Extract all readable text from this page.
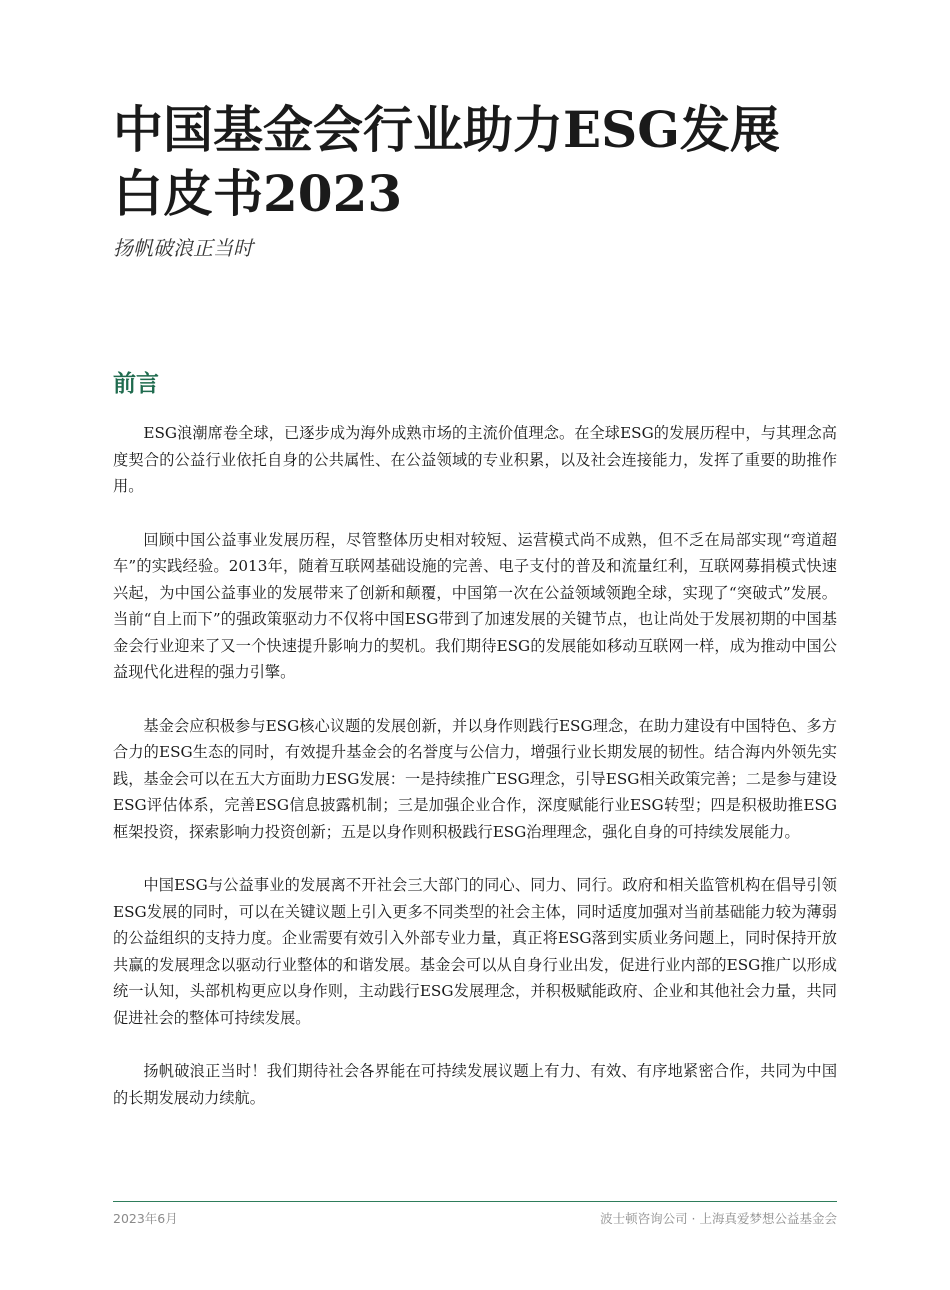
中国基金会行业助力ESG发展
白皮书2023
扬帆破浪正当时
前言

ESG浪潮席卷全球，已逐步成为海外成熟市场的主流价值理念。在全球ESG的发展历程中，与其理念高度契合的公益行业依托自身的公共属性、在公益领域的专业积累，以及社会连接能力，发挥了重要的助推作用。

回顾中国公益事业发展历程，尽管整体历史相对较短、运营模式尚不成熟，但不乏在局部实现“弯道超车”的实践经验。2013年，随着互联网基础设施的完善、电子支付的普及和流量红利，互联网募捐模式快速兴起，为中国公益事业的发展带来了创新和颠覆，中国第一次在公益领域领跑全球，实现了“突破式”发展。当前“自上而下”的强政策驱动力不仅将中国ESG带到了加速发展的关键节点，也让尚处于发展初期的中国基金会行业迎来了又一个快速提升影响力的契机。我们期待ESG的发展能如移动互联网一样，成为推动中国公益现代化进程的强力引擎。

基金会应积极参与ESG核心议题的发展创新，并以身作则践行ESG理念，在助力建设有中国特色、多方合力的ESG生态的同时，有效提升基金会的名誉度与公信力，增强行业长期发展的韧性。结合海内外领先实践，基金会可以在五大方面助力ESG发展：一是持续推广ESG理念，引导ESG相关政策完善；二是参与建设ESG评估体系，完善ESG信息披露机制；三是加强企业合作，深度赋能行业ESG转型；四是积极助推ESG框架投资，探索影响力投资创新；五是以身作则积极践行ESG治理理念，强化自身的可持续发展能力。

中国ESG与公益事业的发展离不开社会三大部门的同心、同力、同行。政府和相关监管机构在倡导引领ESG发展的同时，可以在关键议题上引入更多不同类型的社会主体，同时适度加强对当前基础能力较为薄弱的公益组织的支持力度。企业需要有效引入外部专业力量，真正将ESG落到实质业务问题上，同时保持开放共赢的发展理念以驱动行业整体的和谐发展。基金会可以从自身行业出发，促进行业内部的ESG推广以形成统一认知，头部机构更应以身作则，主动践行ESG发展理念，并积极赋能政府、企业和其他社会力量，共同促进社会的整体可持续发展。

扬帆破浪正当时！我们期待社会各界能在可持续发展议题上有力、有效、有序地紧密合作，共同为中国的长期发展动力续航。

2023年6月	波士顿咨询公司 · 上海真爱梦想公益基金会
